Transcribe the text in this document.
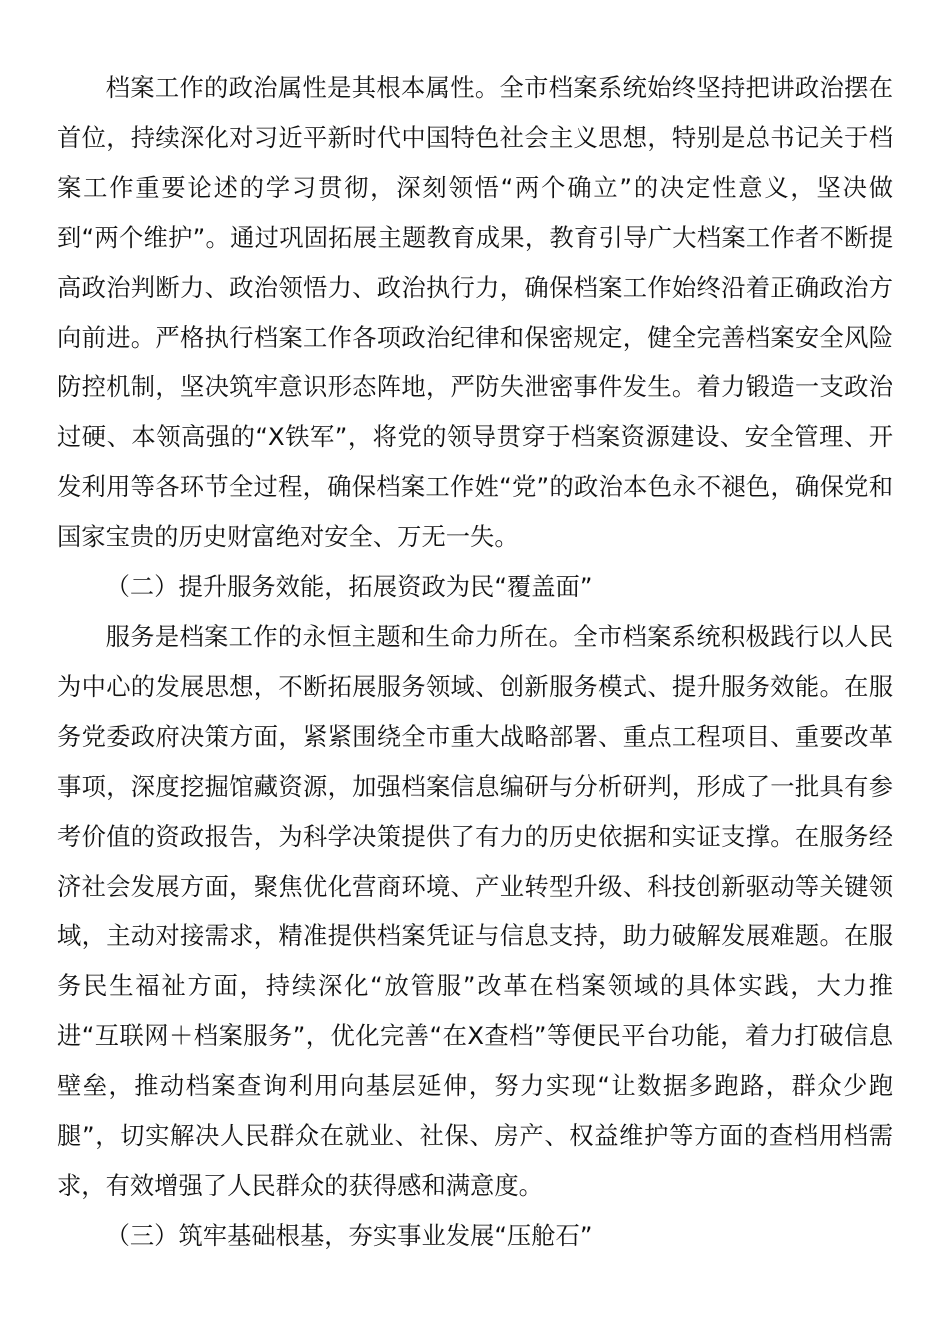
档案工作的政治属性是其根本属性。全市档案系统始终坚持把讲政治摆在首位，持续深化对习近平新时代中国特色社会主义思想，特别是总书记关于档案工作重要论述的学习贯彻，深刻领悟“两个确立”的决定性意义，坚决做到“两个维护”。通过巩固拓展主题教育成果，教育引导广大档案工作者不断提高政治判断力、政治领悟力、政治执行力，确保档案工作始终沿着正确政治方向前进。严格执行档案工作各项政治纪律和保密规定，健全完善档案安全风险防控机制，坚决筑牢意识形态阵地，严防失泄密事件发生。着力锻造一支政治过硬、本领高强的“X铁军”，将党的领导贯穿于档案资源建设、安全管理、开发利用等各环节全过程，确保档案工作姓“党”的政治本色永不褪色，确保党和国家宝贵的历史财富绝对安全、万无一失。

（二）提升服务效能，拓展资政为民“覆盖面”

服务是档案工作的永恒主题和生命力所在。全市档案系统积极践行以人民为中心的发展思想，不断拓展服务领域、创新服务模式、提升服务效能。在服务党委政府决策方面，紧紧围绕全市重大战略部署、重点工程项目、重要改革事项，深度挖掘馆藏资源，加强档案信息编研与分析研判，形成了一批具有参考价值的资政报告，为科学决策提供了有力的历史依据和实证支撑。在服务经济社会发展方面，聚焦优化营商环境、产业转型升级、科技创新驱动等关键领域，主动对接需求，精准提供档案凭证与信息支持，助力破解发展难题。在服务民生福祉方面，持续深化“放管服”改革在档案领域的具体实践，大力推进“互联网＋档案服务”，优化完善“在X查档”等便民平台功能，着力打破信息壁垒，推动档案查询利用向基层延伸，努力实现“让数据多跑路，群众少跑腿”，切实解决人民群众在就业、社保、房产、权益维护等方面的查档用档需求，有效增强了人民群众的获得感和满意度。

（三）筑牢基础根基，夯实事业发展“压舱石”
